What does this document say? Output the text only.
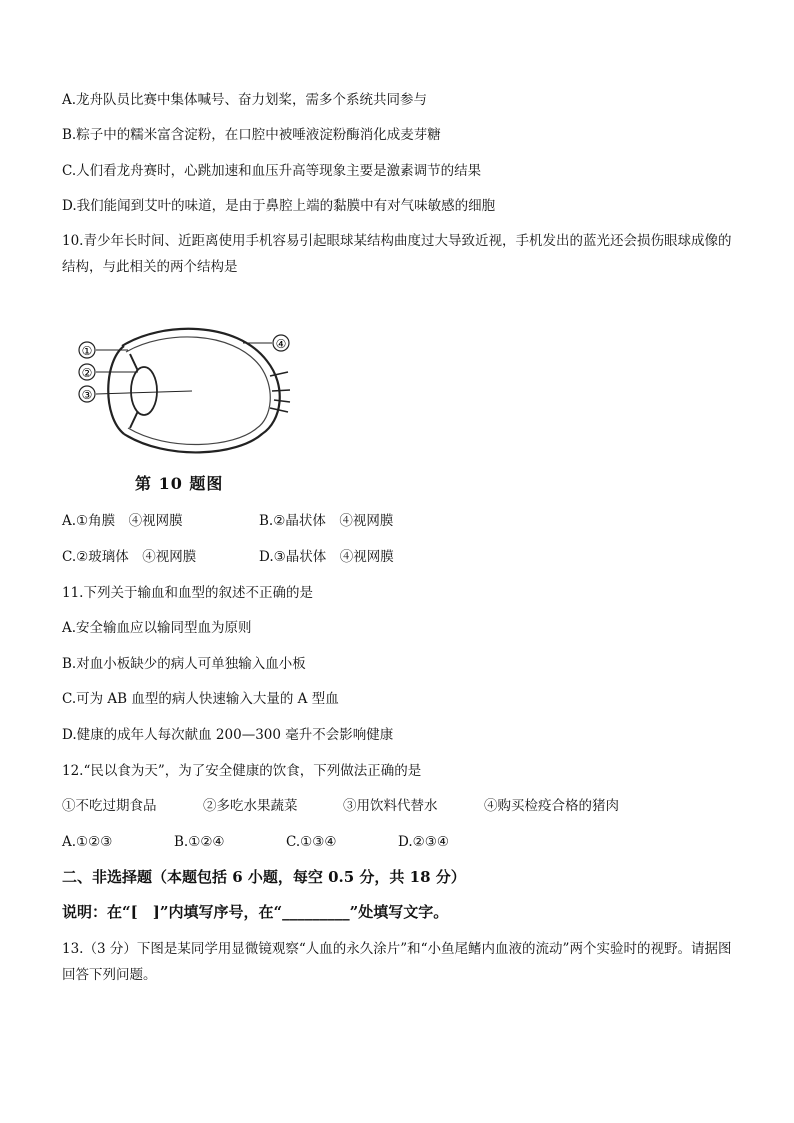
A.龙舟队员比赛中集体喊号、奋力划桨，需多个系统共同参与
B.粽子中的糯米富含淀粉，在口腔中被唾液淀粉酶消化成麦芽糖
C.人们看龙舟赛时，心跳加速和血压升高等现象主要是激素调节的结果
D.我们能闻到艾叶的味道，是由于鼻腔上端的黏膜中有对气味敏感的细胞
10.青少年长时间、近距离使用手机容易引起眼球某结构曲度过大导致近视，手机发出的蓝光还会损伤眼球成像的结构，与此相关的两个结构是
①
②
③
④
第 10 题图
A.①角膜　④视网膜	B.②晶状体　④视网膜
C.②玻璃体　④视网膜	D.③晶状体　④视网膜
11.下列关于输血和血型的叙述不正确的是
A.安全输血应以输同型血为原则
B.对血小板缺少的病人可单独输入血小板
C.可为 AB 血型的病人快速输入大量的 A 型血
D.健康的成年人每次献血 200—300 毫升不会影响健康
12.“民以食为天”，为了安全健康的饮食，下列做法正确的是
①不吃过期食品	②多吃水果蔬菜	③用饮料代替水	④购买检疫合格的猪肉
A.①②③	B.①②④	C.①③④	D.②③④
二、非选择题（本题包括 6 小题，每空 0.5 分，共 18 分）
说明：在“[　]”内填写序号，在“_________”处填写文字。
13.（3 分）下图是某同学用显微镜观察“人血的永久涂片”和“小鱼尾鳍内血液的流动”两个实验时的视野。请据图回答下列问题。
